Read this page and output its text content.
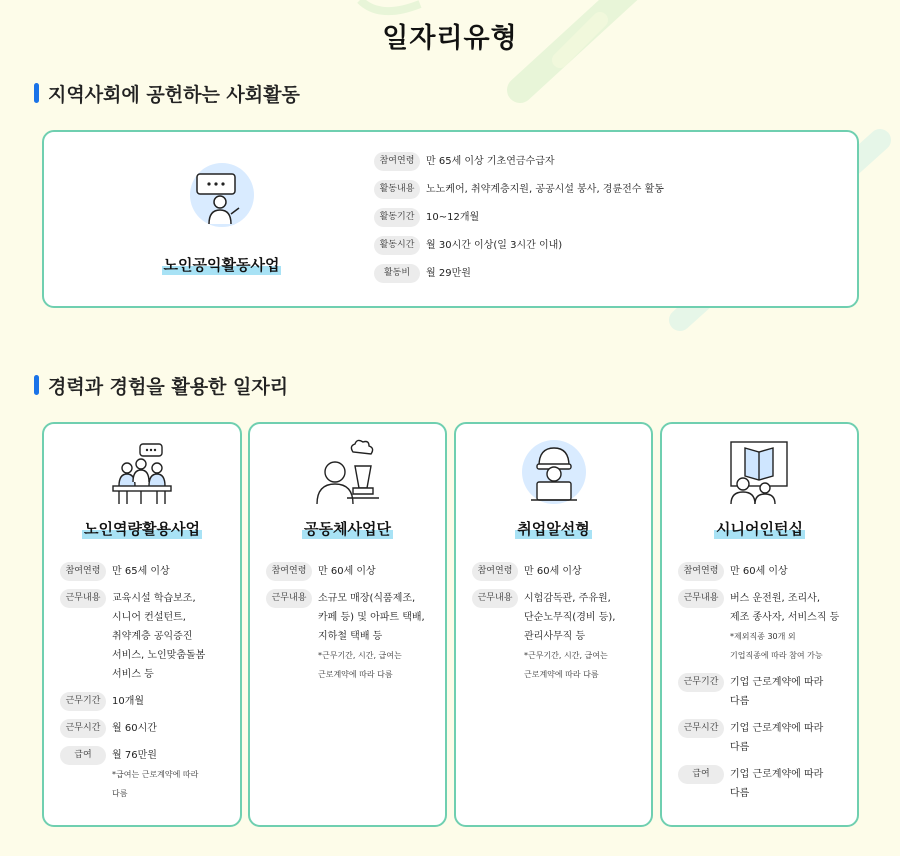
일자리유형
지역사회에 공헌하는 사회활동
노인공익활동사업
참여연령	만 65세 이상 기초연금수급자
활동내용	노노케어, 취약계층지원, 공공시설 봉사, 경륜전수 활동
활동기간	10~12개월
활동시간	월 30시간 이상(일 3시간 이내)
활동비	월 29만원
경력과 경험을 활용한 일자리
노인역량활용사업
참여연령	만 65세 이상
근무내용	교육시설 학습보조,
시니어 컨설턴트,
취약계층 공익증진
서비스, 노인맞춤돌봄
서비스 등
근무기간	10개월
근무시간	월 60시간
급여	월 76만원
*급여는 근로계약에 따라
다름
공동체사업단
참여연령	만 60세 이상
근무내용	소규모 매장(식품제조,
카페 등) 및 아파트 택배,
지하철 택배 등
*근무기간, 시간, 급여는
근로계약에 따라 다름
취업알선형
참여연령	만 60세 이상
근무내용	시험감독관, 주유원,
단순노무직(경비 등),
관리사무직 등
*근무기간, 시간, 급여는
근로계약에 따라 다름
시니어인턴십
참여연령	만 60세 이상
근무내용	버스 운전원, 조리사,
제조 종사자, 서비스직 등
*제외직종 30개 외
기업직종에 따라 참여 가능
근무기간	기업 근로계약에 따라
다름
근무시간	기업 근로계약에 따라
다름
급여	기업 근로계약에 따라
다름
